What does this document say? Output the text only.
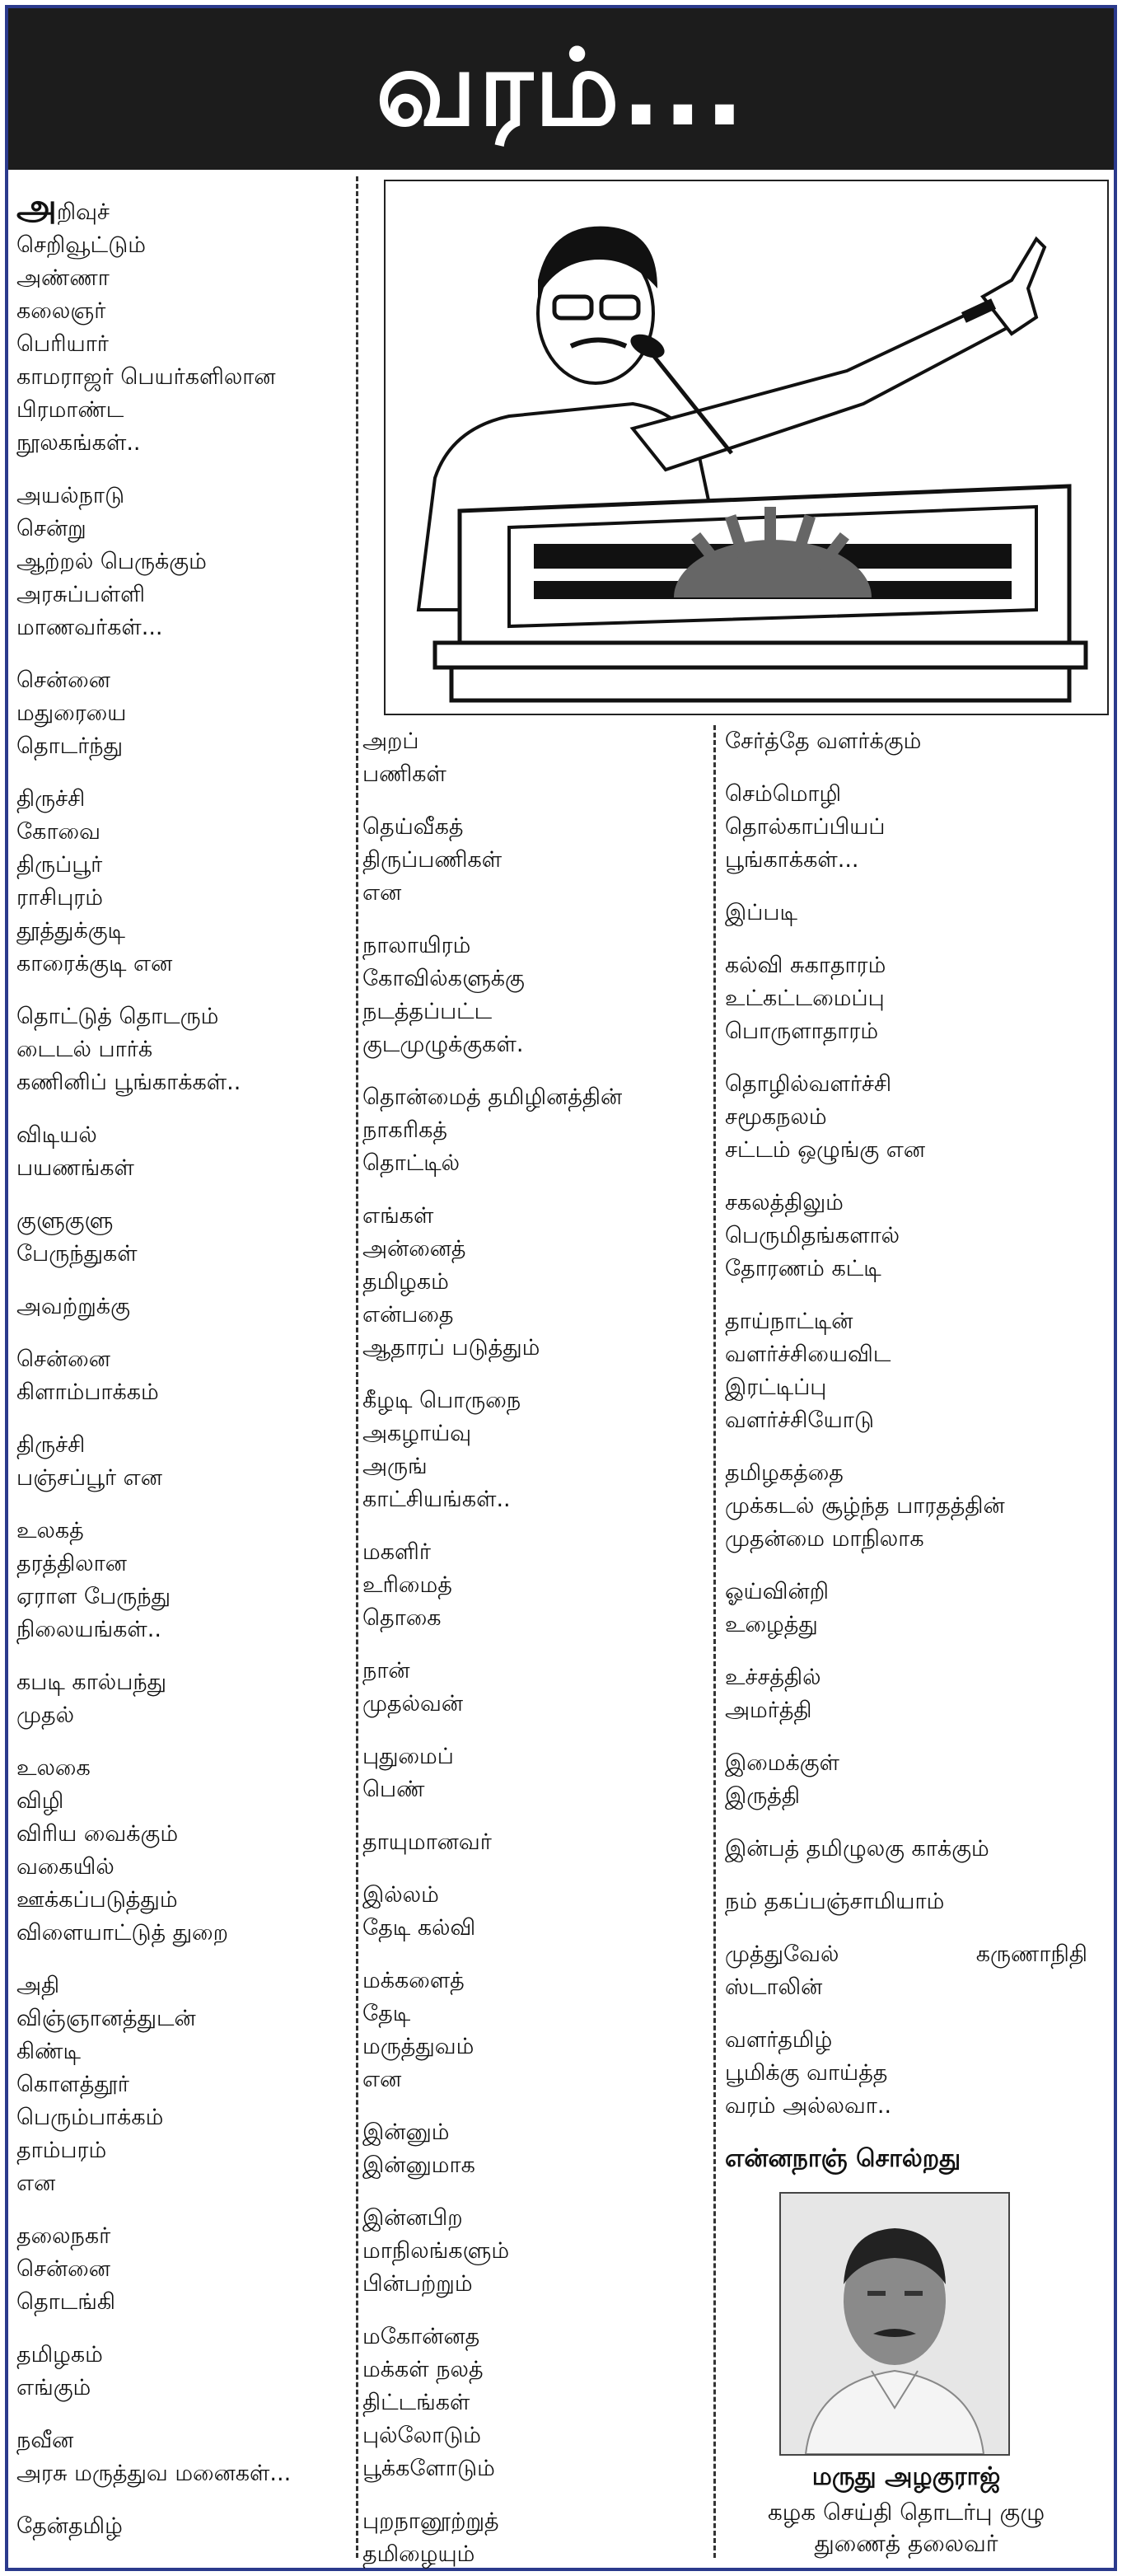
வரம்...

அறிவுச்
செறிவூட்டும்
அண்ணா
கலைஞர்
பெரியார்
காமராஜர் பெயர்களிலான
பிரமாண்ட
நூலகங்கள்..

அயல்நாடு
சென்று
ஆற்றல் பெருக்கும்
அரசுப்பள்ளி
மாணவர்கள்...

சென்னை
மதுரையை
தொடர்ந்து

திருச்சி
கோவை
திருப்பூர்
ராசிபுரம்
தூத்துக்குடி
காரைக்குடி என

தொட்டுத் தொடரும்
டைடல் பார்க்
கணினிப் பூங்காக்கள்..

விடியல்
பயணங்கள்

குளுகுளு
பேருந்துகள்

அவற்றுக்கு

சென்னை
கிளாம்பாக்கம்

திருச்சி
பஞ்சப்பூர் என

உலகத்
தரத்திலான
ஏராள பேருந்து
நிலையங்கள்..

கபடி கால்பந்து
முதல்

உலகை
விழி
விரிய வைக்கும்
வகையில்
ஊக்கப்படுத்தும்
விளையாட்டுத் துறை

அதி
விஞ்ஞானத்துடன்
கிண்டி
கொளத்தூர்
பெரும்பாக்கம்
தாம்பரம்
என

தலைநகர்
சென்னை
தொடங்கி

தமிழகம்
எங்கும்

நவீன
அரசு மருத்துவ மனைகள்...

தேன்தமிழ்

அறப்
பணிகள்

தெய்வீகத்
திருப்பணிகள்
என

நாலாயிரம்
கோவில்களுக்கு
நடத்தப்பட்ட
குடமுழுக்குகள்.

தொன்மைத் தமிழினத்தின்
நாகரிகத்
தொட்டில்

எங்கள்
அன்னைத்
தமிழகம்
என்பதை
ஆதாரப் படுத்தும்

கீழடி பொருநை
அகழாய்வு
அருங்
காட்சியங்கள்..

மகளிர்
உரிமைத்
தொகை

நான்
முதல்வன்

புதுமைப்
பெண்

தாயுமானவர்

இல்லம்
தேடி கல்வி

மக்களைத்
தேடி
மருத்துவம்
என

இன்னும்
இன்னுமாக

இன்னபிற
மாநிலங்களும்
பின்பற்றும்

மகோன்னத
மக்கள் நலத்
திட்டங்கள்
புல்லோடும்
பூக்களோடும்

புறநானூற்றுத்
தமிழையும்

சேர்த்தே வளர்க்கும்

செம்மொழி
தொல்காப்பியப்
பூங்காக்கள்...

இப்படி

கல்வி சுகாதாரம்
உட்கட்டமைப்பு
பொருளாதாரம்

தொழில்வளர்ச்சி
சமூகநலம்
சட்டம் ஒழுங்கு என

சகலத்திலும்
பெருமிதங்களால்
தோரணம் கட்டி

தாய்நாட்டின்
வளர்ச்சியைவிட
இரட்டிப்பு
வளர்ச்சியோடு

தமிழகத்தை
முக்கடல் சூழ்ந்த பாரதத்தின்
முதன்மை மாநிலாக

ஓய்வின்றி
உழைத்து

உச்சத்தில்
அமர்த்தி

இமைக்குள்
இருத்தி

இன்பத் தமிழுலகு காக்கும்

நம் தகப்பஞ்சாமியாம்

முத்துவேல்	கருணாநிதி
ஸ்டாலின்

வளர்தமிழ்
பூமிக்கு வாய்த்த
வரம் அல்லவா..

என்னநாஞ் சொல்றது
மருது அழகுராஜ்
கழக செய்தி தொடர்பு குழு
துணைத் தலைவர்
